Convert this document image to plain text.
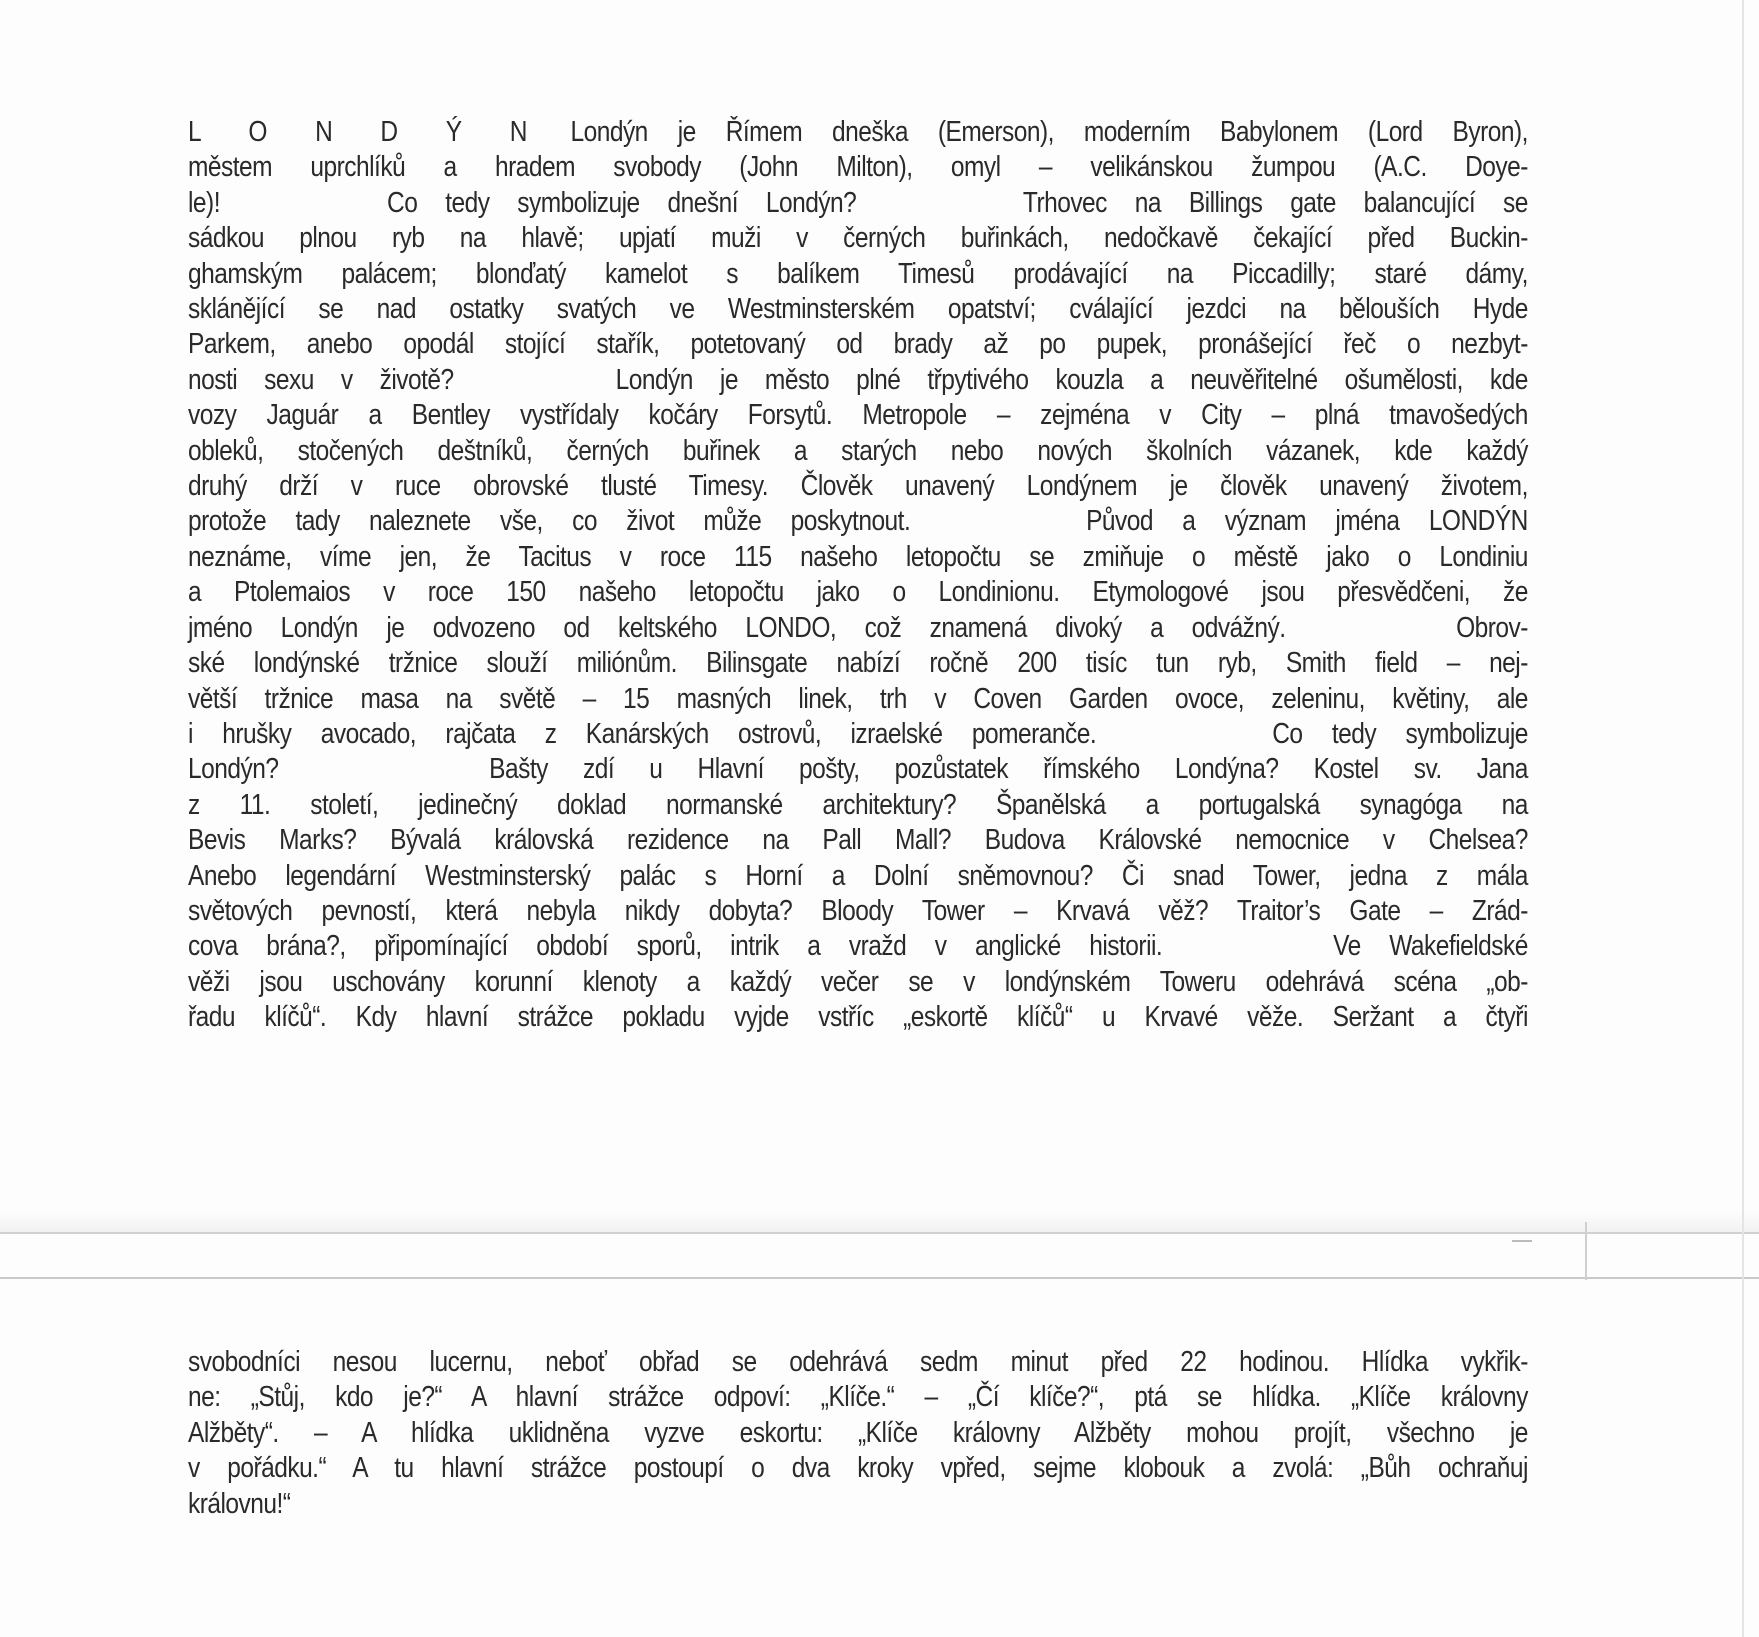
L O N D Ý N Londýn je Římem dneška (Emerson), moderním Babylonem (Lord Byron),
městem uprchlíků a hradem svobody (John Milton), omyl – velikánskou žumpou (A.C. Doye-
le)!      Co tedy symbolizuje dnešní Londýn?      Trhovec na Billings gate balancující se
sádkou plnou ryb na hlavě; upjatí muži v černých buřinkách, nedočkavě čekající před Buckin-
ghamským palácem; blonďatý kamelot s balíkem Timesů prodávající na Piccadilly; staré dámy,
sklánějící se nad ostatky svatých ve Westminsterském opatství; cválající jezdci na bělouších Hyde
Parkem, anebo opodál stojící stařík, potetovaný od brady až po pupek, pronášející řeč o nezbyt-
nosti sexu v životě?      Londýn je město plné třpytivého kouzla a neuvěřitelné ošumělosti, kde
vozy Jaguár a Bentley vystřídaly kočáry Forsytů. Metropole – zejména v City – plná tmavošedých
obleků, stočených deštníků, černých buřinek a starých nebo nových školních vázanek, kde každý
druhý drží v ruce obrovské tlusté Timesy. Člověk unavený Londýnem je člověk unavený životem,
protože tady naleznete vše, co život může poskytnout.      Původ a význam jména LONDÝN
neznáme, víme jen, že Tacitus v roce 115 našeho letopočtu se zmiňuje o městě jako o Londiniu
a Ptolemaios v roce 150 našeho letopočtu jako o Londinionu. Etymologové jsou přesvědčeni, že
jméno Londýn je odvozeno od keltského LONDO, což znamená divoký a odvážný.      Obrov-
ské londýnské tržnice slouží miliónům. Bilinsgate nabízí ročně 200 tisíc tun ryb, Smith field – nej-
větší tržnice masa na světě – 15 masných linek, trh v Coven Garden ovoce, zeleninu, květiny, ale
i hrušky avocado, rajčata z Kanárských ostrovů, izraelské pomeranče.      Co tedy symbolizuje
Londýn?      Bašty zdí u Hlavní pošty, pozůstatek římského Londýna? Kostel sv. Jana
z 11. století, jedinečný doklad normanské architektury? Španělská a portugalská synagóga na
Bevis Marks? Bývalá královská rezidence na Pall Mall? Budova Královské nemocnice v Chelsea?
Anebo legendární Westminsterský palác s Horní a Dolní sněmovnou? Či snad Tower, jedna z mála
světových pevností, která nebyla nikdy dobyta? Bloody Tower – Krvavá věž? Traitor’s Gate – Zrád-
cova brána?, připomínající období sporů, intrik a vražd v anglické historii.      Ve Wakefieldské
věži jsou uschovány korunní klenoty a každý večer se v londýnském Toweru odehrává scéna „ob-
řadu klíčů“. Kdy hlavní strážce pokladu vyjde vstříc „eskortě klíčů“ u Krvavé věže. Seržant a čtyři
svobodníci nesou lucernu, neboť obřad se odehrává sedm minut před 22 hodinou. Hlídka vykřik-
ne: „Stůj, kdo je?“ A hlavní strážce odpoví: „Klíče.“ – „Čí klíče?“, ptá se hlídka. „Klíče královny
Alžběty“. – A hlídka uklidněna vyzve eskortu: „Klíče královny Alžběty mohou projít, všechno je
v pořádku.“ A tu hlavní strážce postoupí o dva kroky vpřed, sejme klobouk a zvolá: „Bůh ochraňuj
královnu!“
